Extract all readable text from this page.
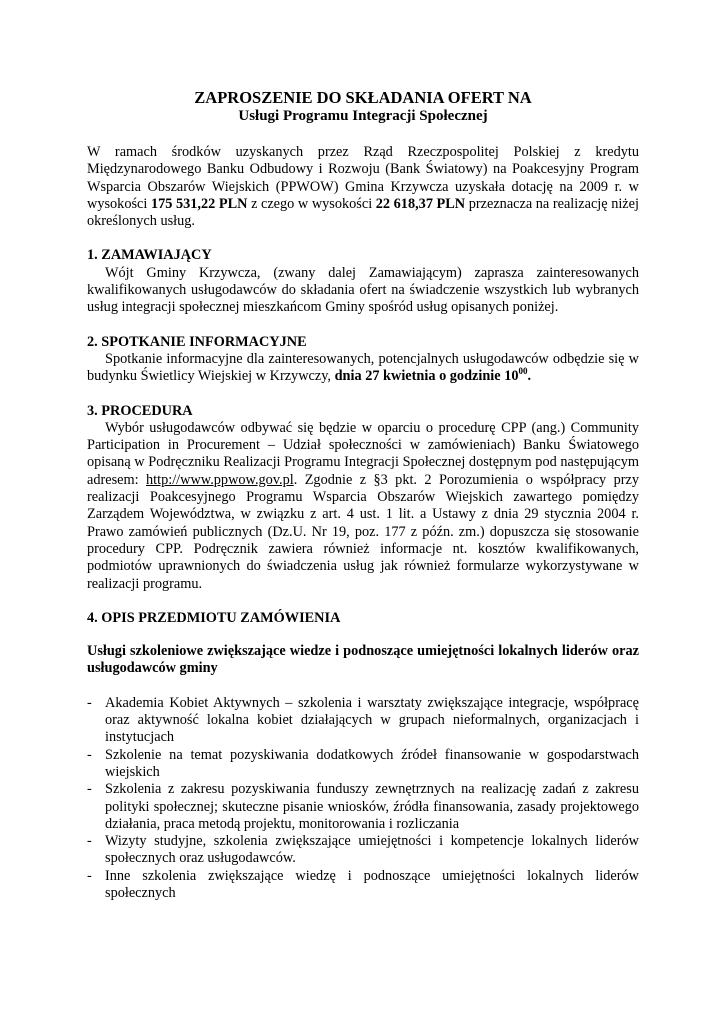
ZAPROSZENIE DO SKŁADANIA OFERT NA
Usługi Programu Integracji Społecznej

W ramach środków uzyskanych przez Rząd Rzeczpospolitej Polskiej z kredytu Międzynarodowego Banku Odbudowy i Rozwoju (Bank Światowy) na Poakcesyjny Program Wsparcia Obszarów Wiejskich (PPWOW) Gmina Krzywcza uzyskała dotację na 2009 r. w wysokości 175 531,22 PLN z czego w wysokości 22 618,37 PLN przeznacza na realizację niżej określonych usług.

1. ZAMAWIAJĄCY

Wójt Gminy Krzywcza, (zwany dalej Zamawiającym) zaprasza zainteresowanych kwalifikowanych usługodawców do składania ofert na świadczenie wszystkich lub wybranych usług integracji społecznej mieszkańcom Gminy spośród usług opisanych poniżej.

2. SPOTKANIE INFORMACYJNE

Spotkanie informacyjne dla zainteresowanych, potencjalnych usługodawców odbędzie się w budynku Świetlicy Wiejskiej w Krzywczy, dnia 27 kwietnia o godzinie $10^{00}$.

3. PROCEDURA

Wybór usługodawców odbywać się będzie w oparciu o procedurę CPP (ang.) Community Participation in Procurement – Udział społeczności w zamówieniach) Banku Światowego opisaną w Podręczniku Realizacji Programu Integracji Społecznej dostępnym pod następującym adresem: http://www.ppwow.gov.pl. Zgodnie z §3 pkt. 2 Porozumienia o współpracy przy realizacji Poakcesyjnego Programu Wsparcia Obszarów Wiejskich zawartego pomiędzy Zarządem Województwa, w związku z art. 4 ust. 1 lit. a Ustawy z dnia 29 stycznia 2004 r. Prawo zamówień publicznych (Dz.U. Nr 19, poz. 177 z późn. zm.) dopuszcza się stosowanie procedury CPP. Podręcznik zawiera również informacje nt. kosztów kwalifikowanych, podmiotów uprawnionych do świadczenia usług jak również formularze wykorzystywane w realizacji programu.

4. OPIS PRZEDMIOTU ZAMÓWIENIA

Usługi szkoleniowe zwiększające wiedze i podnoszące umiejętności lokalnych liderów oraz usługodawców gminy

- Akademia Kobiet Aktywnych – szkolenia i warsztaty zwiększające integracje, współpracę oraz aktywność lokalna kobiet działających w grupach nieformalnych, organizacjach i instytucjach
- Szkolenie na temat pozyskiwania dodatkowych źródeł finansowanie w gospodarstwach wiejskich
- Szkolenia z zakresu pozyskiwania funduszy zewnętrznych na realizację zadań z zakresu polityki społecznej; skuteczne pisanie wniosków, źródła finansowania, zasady projektowego działania, praca metodą projektu, monitorowania i rozliczania
- Wizyty studyjne, szkolenia zwiększające umiejętności i kompetencje lokalnych liderów społecznych oraz usługodawców.
- Inne szkolenia zwiększające wiedzę i podnoszące umiejętności lokalnych liderów społecznych
